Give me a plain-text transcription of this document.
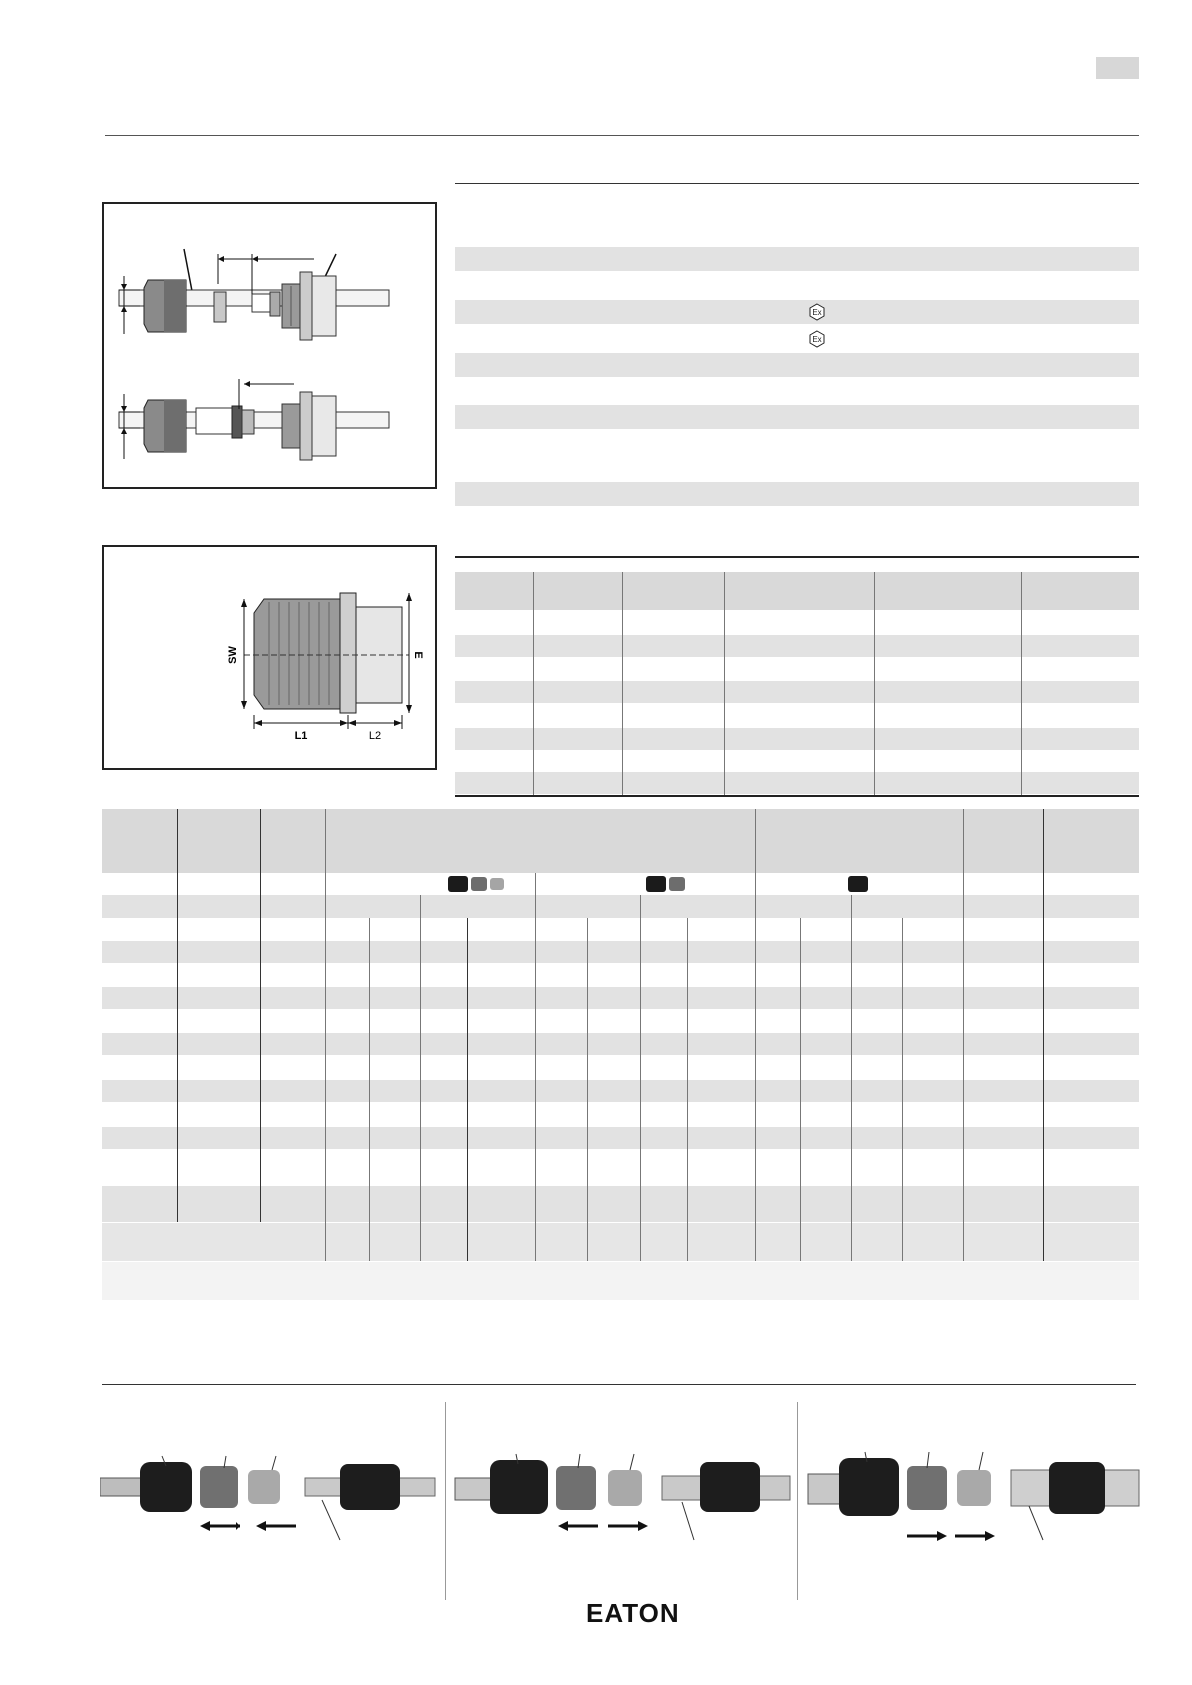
Ex
Ex
SW	E
L1	L2
EATON
